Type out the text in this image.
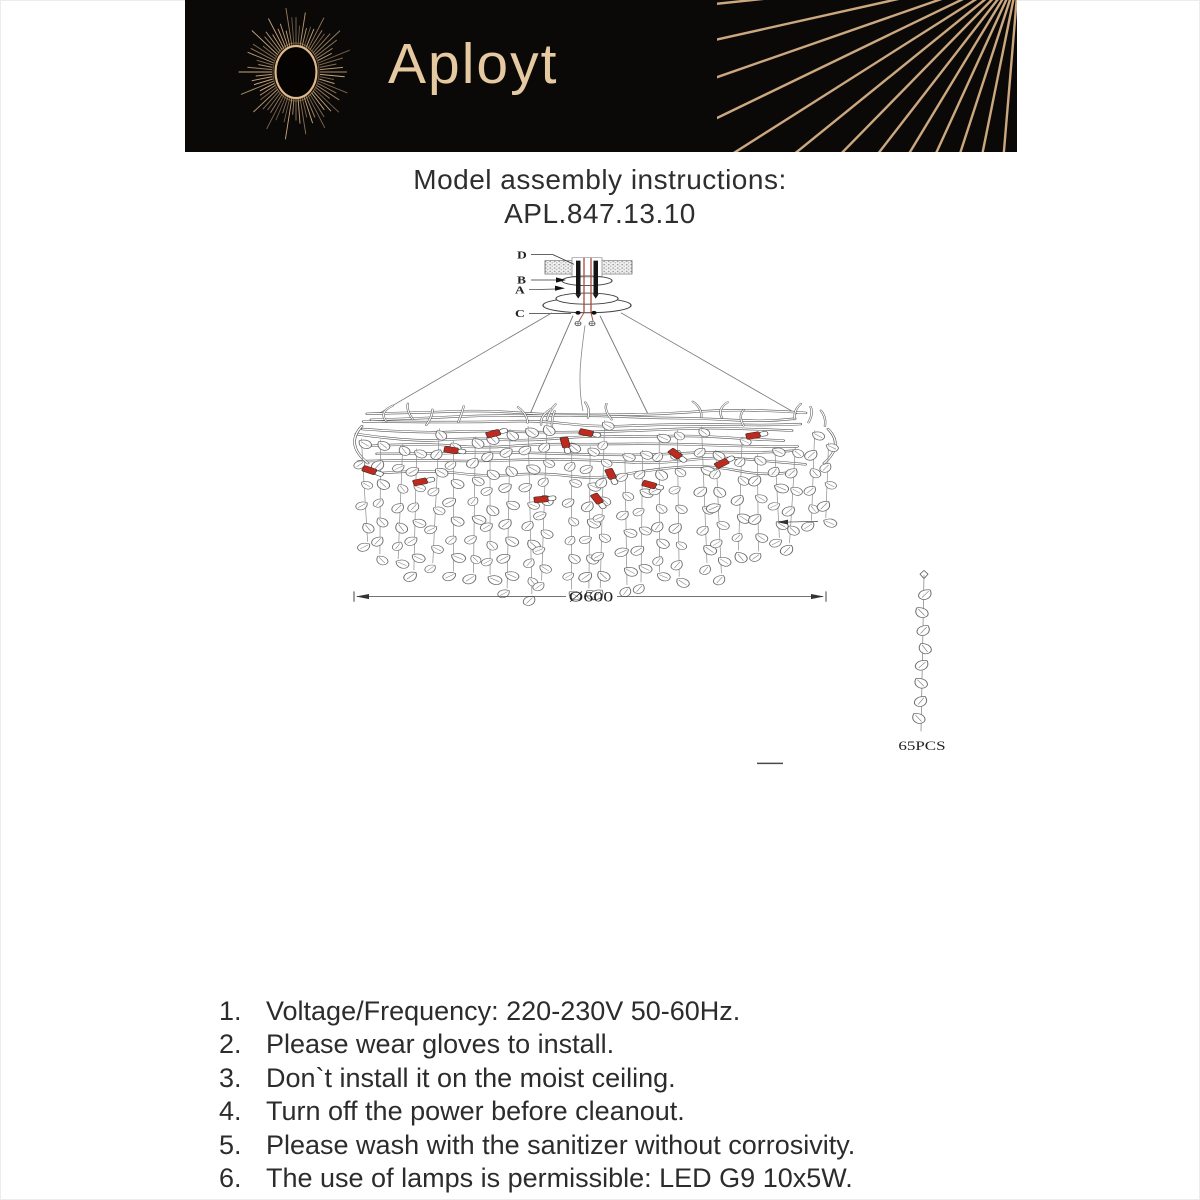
Aployt
Model assembly instructions:
APL.847.13.10
D
B
A
C
Ø600
65PCS
1. Voltage/Frequency: 220-230V 50-60Hz.
2. Please wear gloves to install.
3. Don`t install it on the moist ceiling.
4. Turn off the power before cleanout.
5. Please wash with the sanitizer without corrosivity.
6. The use of lamps is permissible: LED G9 10x5W.
